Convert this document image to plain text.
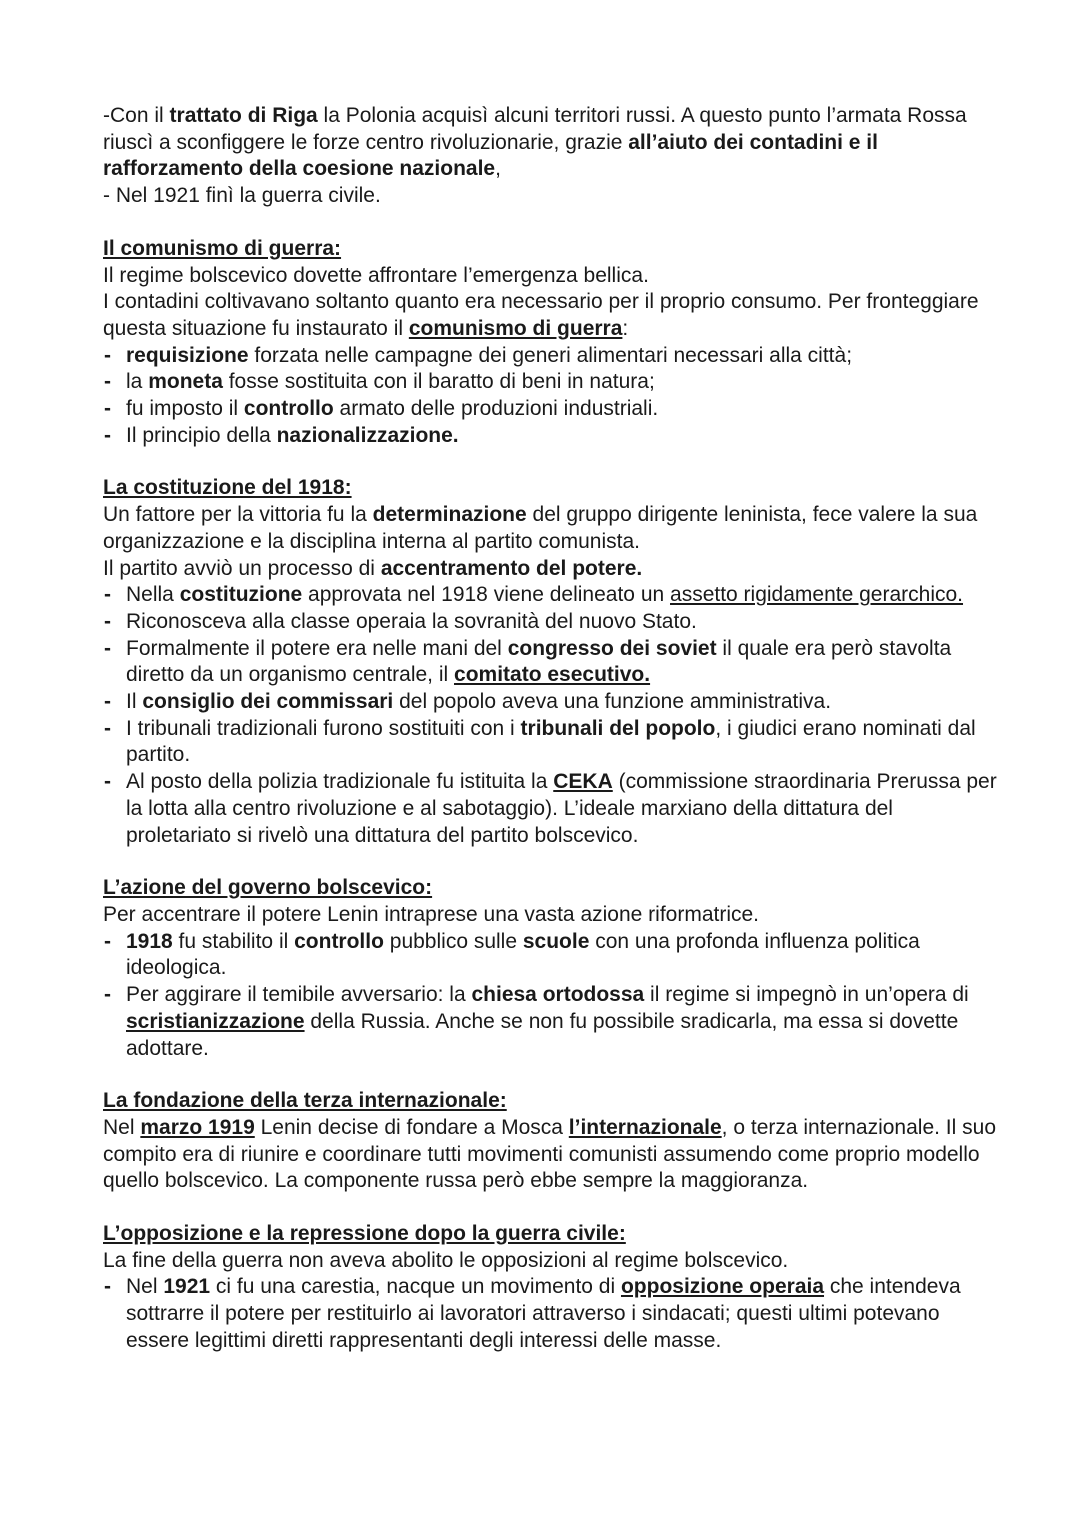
-Con il trattato di Riga la Polonia acquisì alcuni territori russi. A questo punto l’armata Rossa riuscì a sconfiggere le forze centro rivoluzionarie, grazie all’aiuto dei contadini e il rafforzamento della coesione nazionale,

- Nel 1921 finì la guerra civile.

Il comunismo di guerra:

Il regime bolscevico dovette affrontare l’emergenza bellica.

I contadini coltivavano soltanto quanto era necessario per il proprio consumo. Per fronteggiare questa situazione fu instaurato il comunismo di guerra:

- requisizione forzata nelle campagne dei generi alimentari necessari alla città;
- la moneta fosse sostituita con il baratto di beni in natura;
- fu imposto il controllo armato delle produzioni industriali.
- Il principio della nazionalizzazione.

La costituzione del 1918:

Un fattore per la vittoria fu la determinazione del gruppo dirigente leninista, fece valere la sua organizzazione e la disciplina interna al partito comunista.

Il partito avviò un processo di accentramento del potere.

- Nella costituzione approvata nel 1918 viene delineato un assetto rigidamente gerarchico.
- Riconosceva alla classe operaia la sovranità del nuovo Stato.
- Formalmente il potere era nelle mani del congresso dei soviet il quale era però stavolta diretto da un organismo centrale, il comitato esecutivo.
- Il consiglio dei commissari del popolo aveva una funzione amministrativa.
- I tribunali tradizionali furono sostituiti con i tribunali del popolo, i giudici erano nominati dal partito.
- Al posto della polizia tradizionale fu istituita la CEKA (commissione straordinaria Prerussa per la lotta alla centro rivoluzione e al sabotaggio). L’ideale marxiano della dittatura del proletariato si rivelò una dittatura del partito bolscevico.

L’azione del governo bolscevico:

Per accentrare il potere Lenin intraprese una vasta azione riformatrice.

- 1918 fu stabilito il controllo pubblico sulle scuole con una profonda influenza politica ideologica.
- Per aggirare il temibile avversario: la chiesa ortodossa il regime si impegnò in un’opera di scristianizzazione della Russia. Anche se non fu possibile sradicarla, ma essa si dovette adottare.

La fondazione della terza internazionale:

Nel marzo 1919 Lenin decise di fondare a Mosca l’internazionale, o terza internazionale. Il suo compito era di riunire e coordinare tutti movimenti comunisti assumendo come proprio modello quello bolscevico. La componente russa però ebbe sempre la maggioranza.

L’opposizione e la repressione dopo la guerra civile:

La fine della guerra non aveva abolito le opposizioni al regime bolscevico.

- Nel 1921 ci fu una carestia, nacque un movimento di opposizione operaia che intendeva sottrarre il potere per restituirlo ai lavoratori attraverso i sindacati; questi ultimi potevano essere legittimi diretti rappresentanti degli interessi delle masse.
